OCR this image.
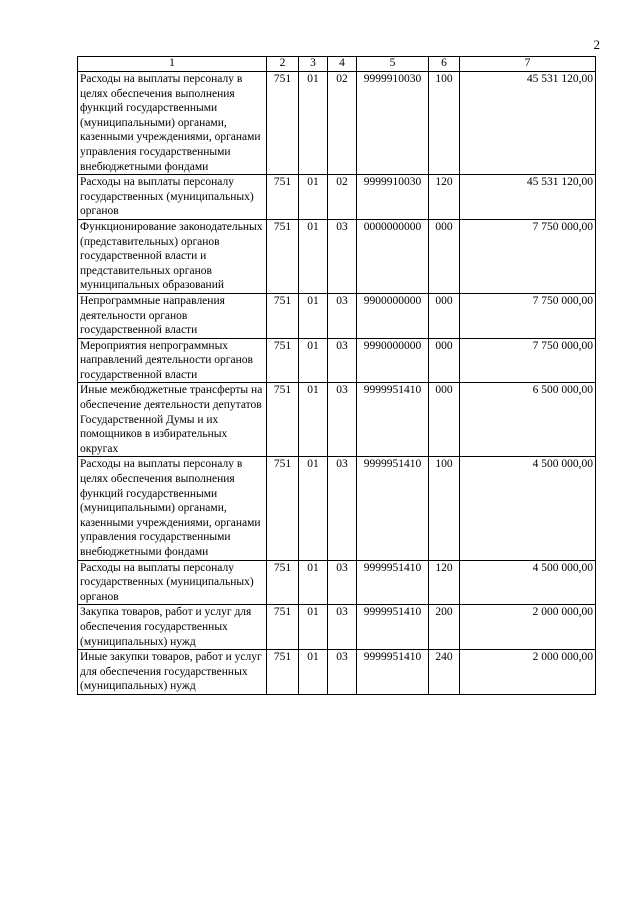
2
1	2	3	4	5	6	7
Расходы на выплаты персоналу в целях обеспечения выполнения функций государственными (муниципальными) органами, казенными учреждениями, органами управления государственными внебюджетными фондами	751	01	02	9999910030	100	45 531 120,00
Расходы на выплаты персоналу государственных (муниципальных) органов	751	01	02	9999910030	120	45 531 120,00
Функционирование законодательных (представительных) органов государственной власти и представительных органов муниципальных образований	751	01	03	0000000000	000	7 750 000,00
Непрограммные направления деятельности органов государственной власти	751	01	03	9900000000	000	7 750 000,00
Мероприятия непрограммных направлений деятельности органов государственной власти	751	01	03	9990000000	000	7 750 000,00
Иные межбюджетные трансферты на обеспечение деятельности депутатов Государственной Думы и их помощников в избирательных округах	751	01	03	9999951410	000	6 500 000,00
Расходы на выплаты персоналу в целях обеспечения выполнения функций государственными (муниципальными) органами, казенными учреждениями, органами управления государственными внебюджетными фондами	751	01	03	9999951410	100	4 500 000,00
Расходы на выплаты персоналу государственных (муниципальных) органов	751	01	03	9999951410	120	4 500 000,00
Закупка товаров, работ и услуг для обеспечения государственных (муниципальных) нужд	751	01	03	9999951410	200	2 000 000,00
Иные закупки товаров, работ и услуг для обеспечения государственных (муниципальных) нужд	751	01	03	9999951410	240	2 000 000,00
